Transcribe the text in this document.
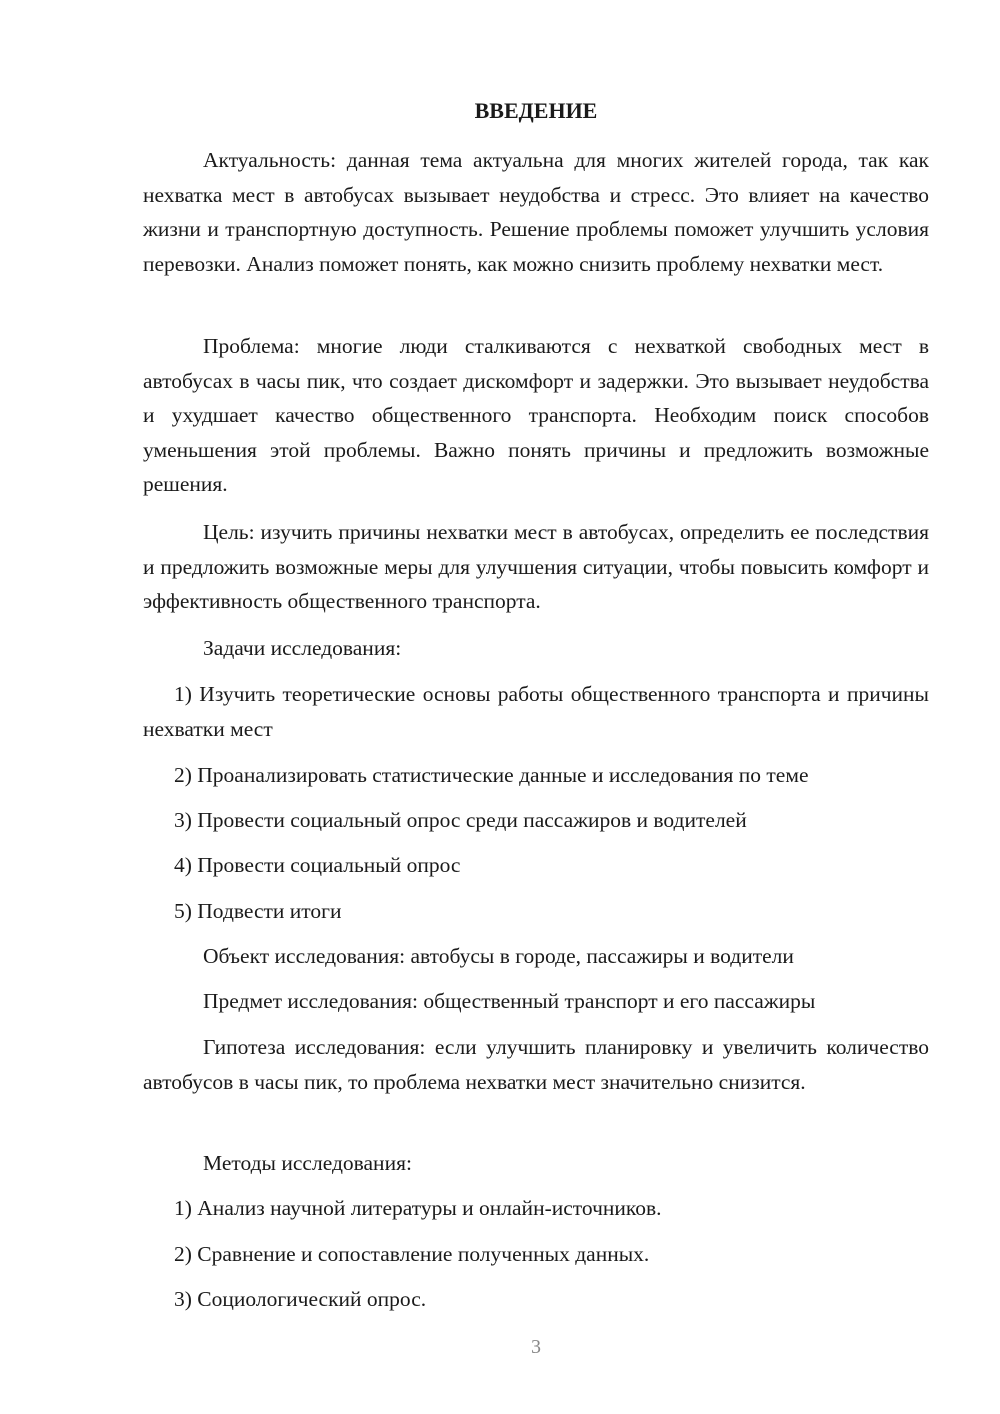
ВВЕДЕНИЕ

Актуальность: данная тема актуальна для многих жителей города, так как нехватка мест в автобусах вызывает неудобства и стресс. Это влияет на качество жизни и транспортную доступность. Решение проблемы поможет улучшить условия перевозки. Анализ поможет понять, как можно снизить проблему нехватки мест.

Проблема: многие люди сталкиваются с нехваткой свободных мест в автобусах в часы пик, что создает дискомфорт и задержки. Это вызывает неудобства и ухудшает качество общественного транспорта. Необходим поиск способов уменьшения этой проблемы. Важно понять причины и предложить возможные решения.

Цель: изучить причины нехватки мест в автобусах, определить ее последствия и предложить возможные меры для улучшения ситуации, чтобы повысить комфорт и эффективность общественного транспорта.

Задачи исследования:

1) Изучить теоретические основы работы общественного транспорта и причины нехватки мест

2) Проанализировать статистические данные и исследования по теме

3) Провести социальный опрос среди пассажиров и водителей

4) Провести социальный опрос

5) Подвести итоги

Объект исследования: автобусы в городе, пассажиры и водители

Предмет исследования: общественный транспорт и его пассажиры

Гипотеза исследования: если улучшить планировку и увеличить количество автобусов в часы пик, то проблема нехватки мест значительно снизится.

Методы исследования:

1) Анализ научной литературы и онлайн-источников.

2) Сравнение и сопоставление полученных данных.

3) Социологический опрос.

3
